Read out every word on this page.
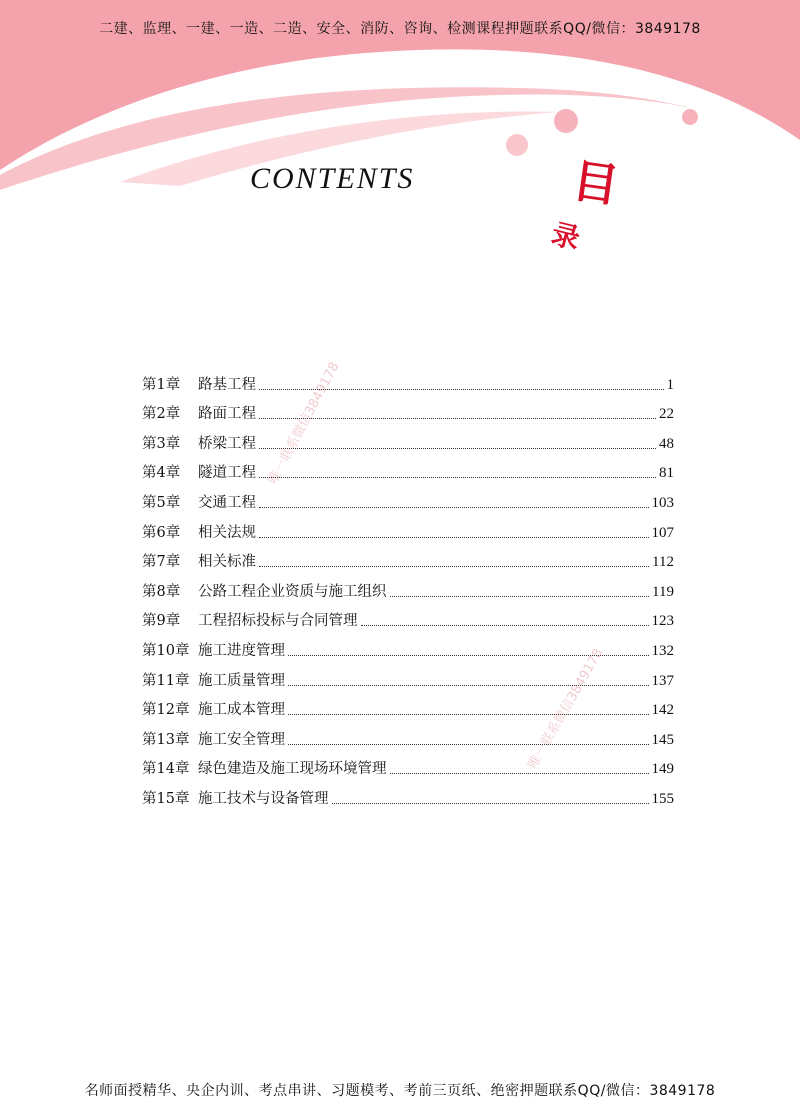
二建、监理、一建、一造、二造、安全、消防、咨询、检测课程押题联系QQ/微信：3849178
CONTENTS	目
录
第1章	路基工程	1
第2章	路面工程	22
第3章	桥梁工程	48
第4章	隧道工程	81
第5章	交通工程	103
第6章	相关法规	107
第7章	相关标准	112
第8章	公路工程企业资质与施工组织	119
第9章	工程招标投标与合同管理	123
第10章 施工进度管理	132
第11章 施工质量管理	137
第12章 施工成本管理	142
第13章 施工安全管理	145
第14章 绿色建造及施工现场环境管理	149
第15章 施工技术与设备管理	155
唯一联系微信3849178
唯一联系微信3849178
名师面授精华、央企内训、考点串讲、习题模考、考前三页纸、绝密押题联系QQ/微信：3849178
